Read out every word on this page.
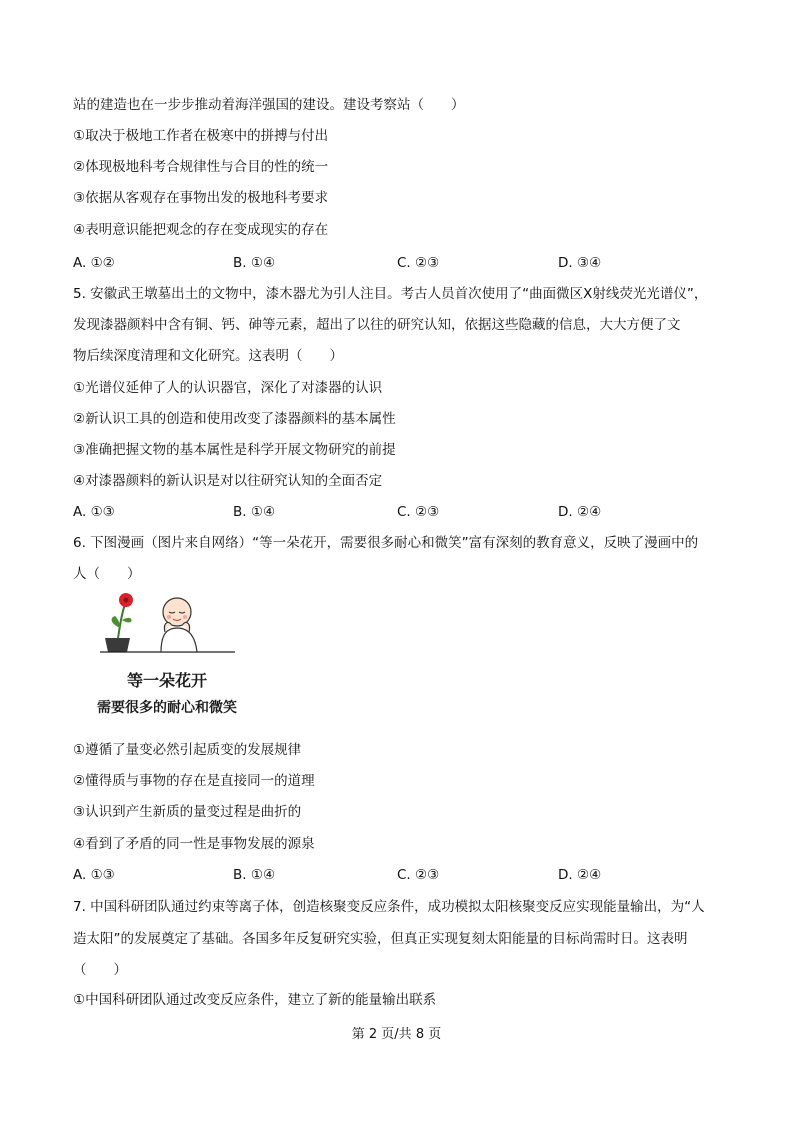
站的建造也在一步步推动着海洋强国的建设。建设考察站（　　）
①取决于极地工作者在极寒中的拼搏与付出
②体现极地科考合规律性与合目的性的统一
③依据从客观存在事物出发的极地科考要求
④表明意识能把观念的存在变成现实的存在
A. ①②	B. ①④	C. ②③	D. ③④
5. 安徽武王墩墓出土的文物中，漆木器尤为引人注目。考古人员首次使用了“曲面微区X射线荧光光谱仪”，
发现漆器颜料中含有铜、钙、砷等元素，超出了以往的研究认知，依据这些隐藏的信息，大大方便了文
物后续深度清理和文化研究。这表明（　　）
①光谱仪延伸了人的认识器官，深化了对漆器的认识
②新认识工具的创造和使用改变了漆器颜料的基本属性
③准确把握文物的基本属性是科学开展文物研究的前提
④对漆器颜料的新认识是对以往研究认知的全面否定
A. ①③	B. ①④	C. ②③	D. ②④
6. 下图漫画（图片来自网络）“等一朵花开，需要很多耐心和微笑”富有深刻的教育意义，反映了漫画中的
人（　　）
等一朵花开
需要很多的耐心和微笑
①遵循了量变必然引起质变的发展规律
②懂得质与事物的存在是直接同一的道理
③认识到产生新质的量变过程是曲折的
④看到了矛盾的同一性是事物发展的源泉
A. ①③	B. ①④	C. ②③	D. ②④
7. 中国科研团队通过约束等离子体，创造核聚变反应条件，成功模拟太阳核聚变反应实现能量输出，为“人
造太阳”的发展奠定了基础。各国多年反复研究实验，但真正实现复刻太阳能量的目标尚需时日。这表明
（　　）
①中国科研团队通过改变反应条件，建立了新的能量输出联系
第 2 页/共 8 页
